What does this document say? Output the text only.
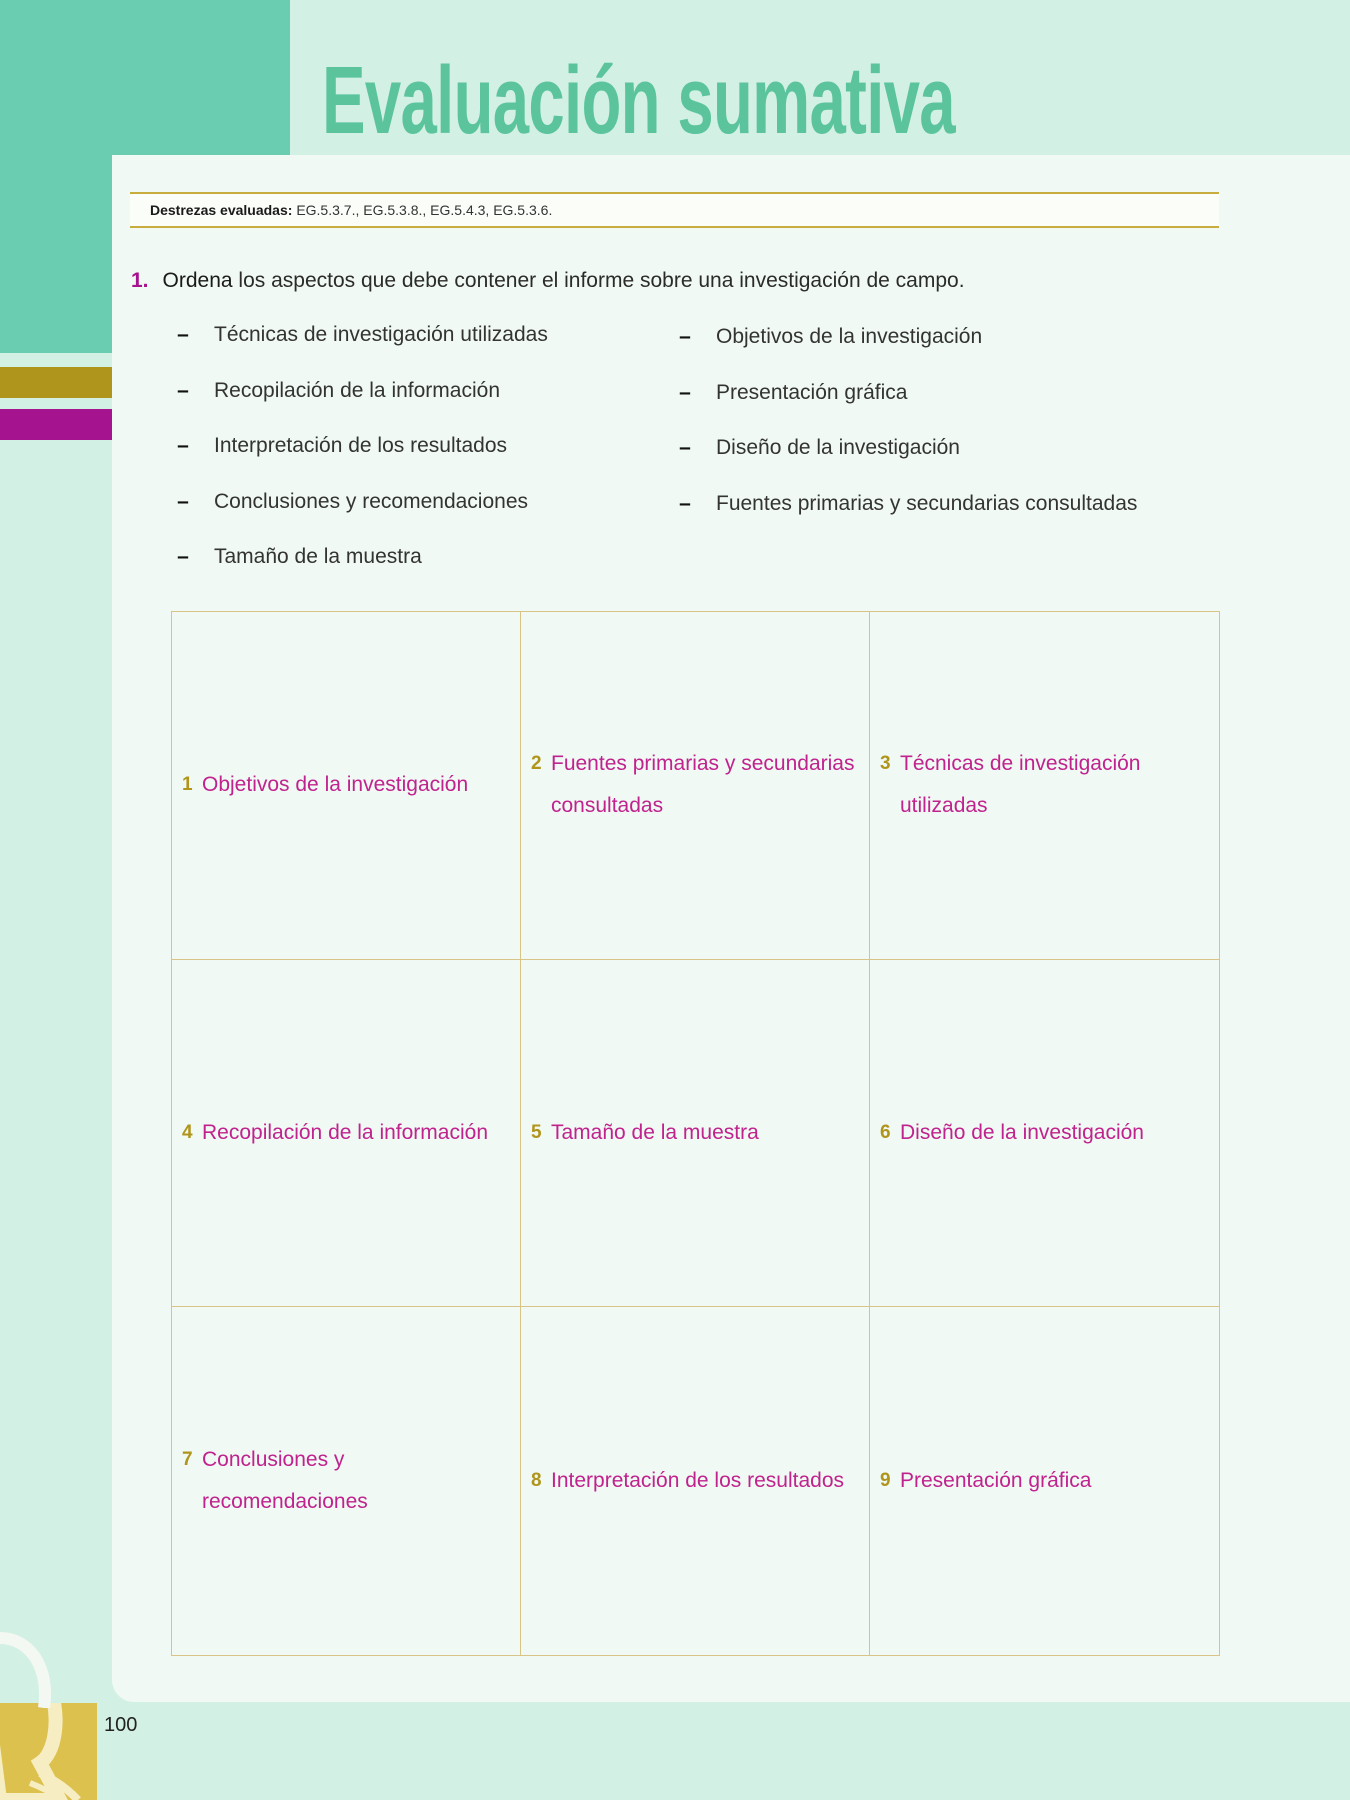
Evaluación sumativa
Destrezas evaluadas: EG.5.3.7., EG.5.3.8., EG.5.4.3, EG.5.3.6.
1. Ordena los aspectos que debe contener el informe sobre una investigación de campo.
– Técnicas de investigación utilizadas
– Recopilación de la información
– Interpretación de los resultados
– Conclusiones y recomendaciones
– Tamaño de la muestra
– Objetivos de la investigación
– Presentación gráfica
– Diseño de la investigación
– Fuentes primarias y secundarias consultadas
1 Objetivos de la investigación
2 Fuentes primarias y secundarias consultadas
3 Técnicas de investigación utilizadas
4 Recopilación de la información 5 Tamaño de la muestra	6 Diseño de la investigación
7 Conclusiones y recomendaciones
8 Interpretación de los resultados 9 Presentación gráfica
100
